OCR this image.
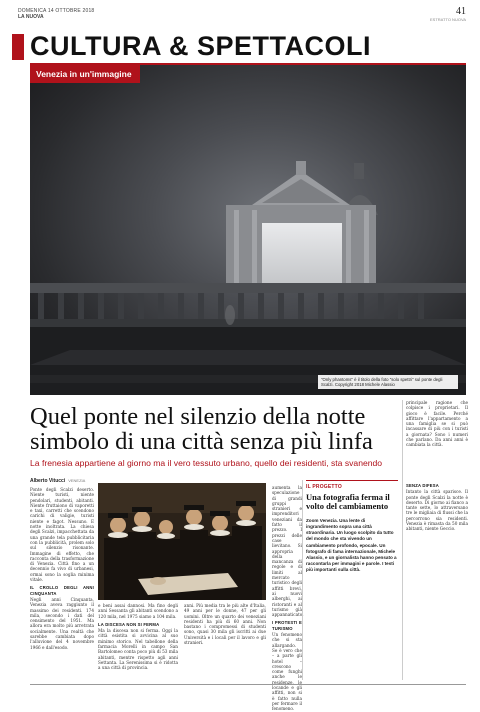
DOMENICA 14 OTTOBRE 2018
LA NUOVA	41
ESTRATTO NUOVA
CULTURA & SPETTACOLI
Venezia in un'immagine
"Only phantoms" è il titolo della foto "solo spettri" sul ponte degli Scalzi. Copyright 2018 Michele Alassio
Quel ponte nel silenzio della notte simbolo di una città senza più linfa
La frenesia appartiene al giorno ma il vero tessuto urbano, quello dei residenti, sta svanendo

principale ragione che colpisce i proprietari. Il gioco è facile. Perché affittare l'appartamento a una famiglia se si può incassare di più con i turisti a giornata? Sono i numeri che parlano. Da anni anni è cambiata la città.

Alberto Vitucci VENEZIA

Ponte degli Scalzi deserto. Niente turisti, niente pendolari, studenti, abitanti. Niente fruttaiono di vaporetti e taxi, carretti che scendono carichi di valigie, turisti niente e fagot. Nessuno. E notte inoltrata. La chiesa degli Scalzi, impacchettata da una grande tela pubblicitaria con la pubblicità, prolem solo sul silenzio risonante. Immagine di effetto, che racconta della trasformazione di Venezia. Città fino a un decennio fa vivo di urbanesi, ormai sono la soglia minima vitale.

IL CROLLO DEGLI ANNI CINQUANTA

Negli anni Cinquanta, Venezia aveva raggiunto il massimo dei residenti. 174 mila, secondo i dati del censimento del 1951. Ma allora era molto più arretrata socialmente. Una realtà che sarebbe cambiata dopo l'alluvione del 4 novembre 1966 e dall'esodo.

e beni assai dannosi. Ma fino degli anni Sessanta gli abitanti scendono a 120 mila, nel 1975 siamo a 104 mila.

LA DISCESA NON SI FERMA

Ma la discesa non si ferma. Oggi la città esistita si avvicina al suo minimo storico. Nel tabellone della farmacia Morelli in campo San Bartolomeo conta poco più di 53 mila abitanti, mentre rispetto agli anni Settanta. La Serenissima si è ridotta a una città di provincia.

anni. Più media tra le più alte d'Italia, 49 anni per le donne, 47 per gli uomini. Oltre un quarto dei veneziani residenti ha più di 60 anni. Non bastano i compromessi di studenti sono, quasi 30 mila gli iscritti ai due Università e i locali per il lavoro e gli stranieri.

aumenta la speculazione di grandi gruppi stranieri e imprenditori veneziani da fatto il prezzo. I prezzi delle case lievitano. Si appropria della mancanza di regole e di limiti al mercato turistico degli affitti brevi, ai nuovi alberghi, ai ristoranti e al turismo già appannaticato.

I PROTESTI E TURISMO

Un fenomeno che si sta allargando. Se è vero che – a parte gli hotel – crescono come funghi anche le residenze, le locande e gli affitti, non si è fatto nulla per fermare il fenomeno.

IL PROGETTO
Una fotografia ferma il volto del cambiamento
Zoom Venezia. Una lente di ingrandimento sopra una città straordinaria. Un luogo scolpito da tutto del mondo che sta vivendo un cambiamento profondo, epocale. Un fotografo di fama internazionale, Michele Alassio, e un giornalista hanno pensato a raccontarla per immagini e parole. I testi più importanti sulla città.
SENZA DIFESA

Intanto la città sparisce. Il ponte degli Scalzi la notte è deserto. Di giorno ai fianco a tante sette, lo attraversano tre le migliaia di flussi che la percorrono sia residenti. Venezia è rimasta da 50 mila abitanti, niente Geccio.
